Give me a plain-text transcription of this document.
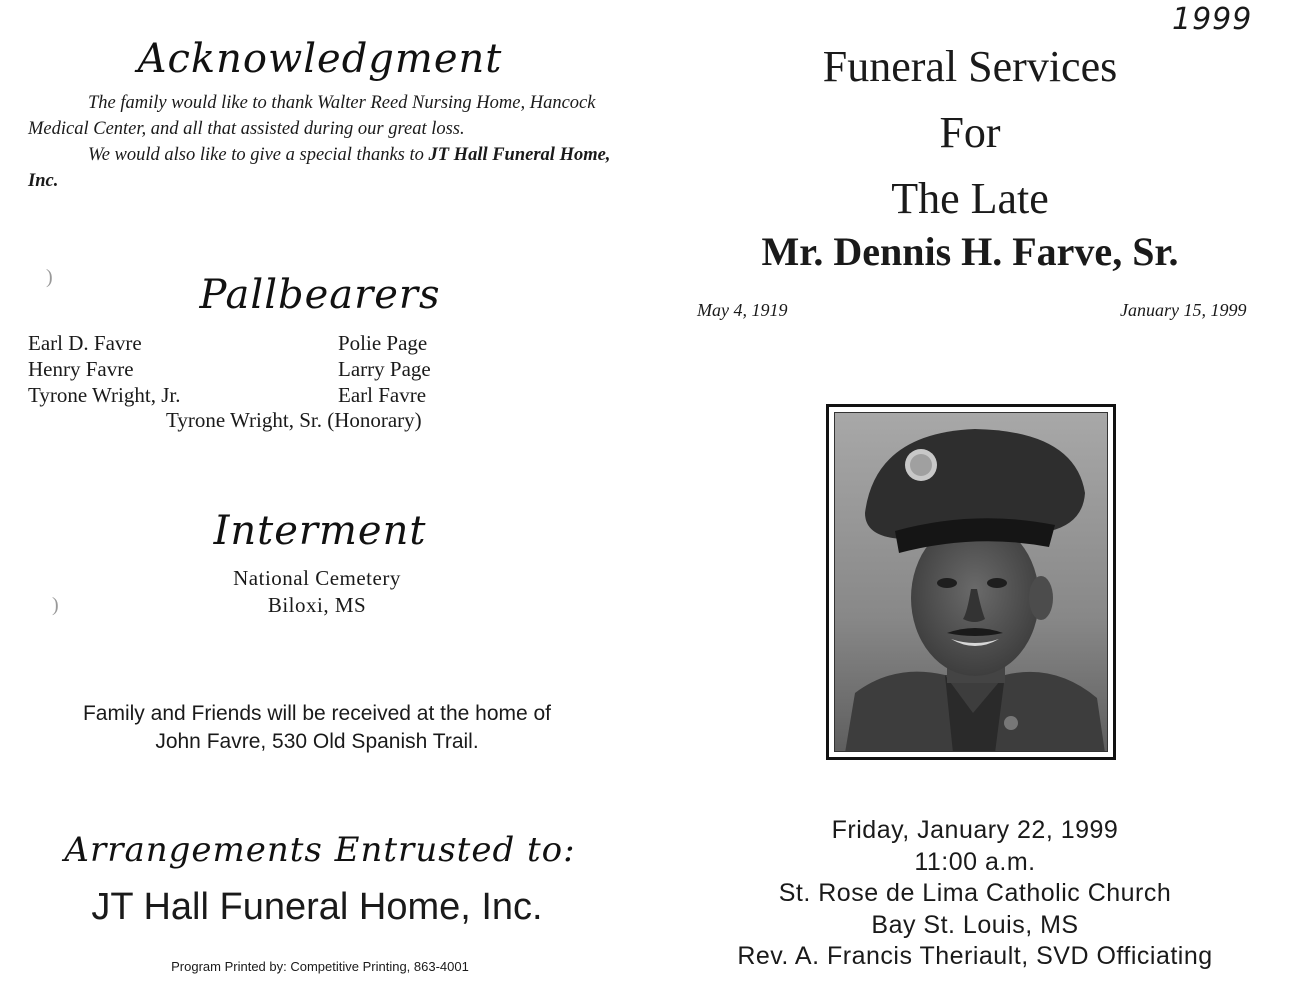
Acknowledgment

The family would like to thank Walter Reed Nursing Home, Hancock Medical Center, and all that assisted during our great loss.

We would also like to give a special thanks to JT Hall Funeral Home, Inc.

)	Pallbearers
Earl D. Favre
Henry Favre
Tyrone Wright, Jr.
Polie Page
Larry Page
Earl Favre
Tyrone Wright, Sr. (Honorary)
Interment
National Cemetery
Biloxi, MS
)
Family and Friends will be received at the home of
John Favre, 530 Old Spanish Trail.
Arrangements Entrusted to:
JT Hall Funeral Home, Inc.
Program Printed by: Competitive Printing, 863-4001
1999
Funeral Services
For
The Late
Mr. Dennis H. Farve, Sr.
May 4, 1919	January 15, 1999
Friday, January 22, 1999
11:00 a.m.
St. Rose de Lima Catholic Church
Bay St. Louis, MS
Rev. A. Francis Theriault, SVD Officiating
